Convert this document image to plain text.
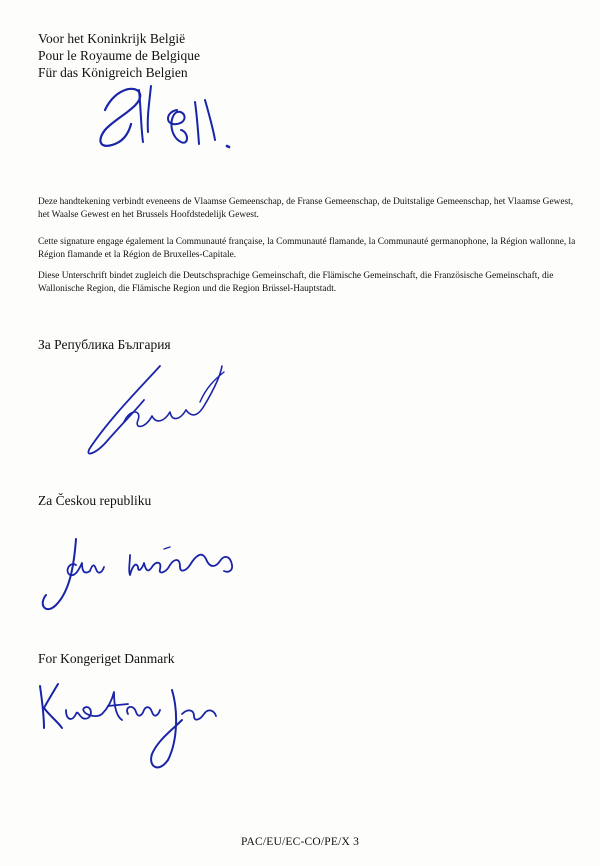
Voor het Koninkrijk België
Pour le Royaume de Belgique
Für das Königreich Belgien

Deze handtekening verbindt eveneens de Vlaamse Gemeenschap, de Franse Gemeenschap, de Duitstalige Gemeenschap, het Vlaamse Gewest, het Waalse Gewest en het Brussels Hoofdstedelijk Gewest.

Cette signature engage également la Communauté française, la Communauté flamande, la Communauté germanophone, la Région wallonne, la Région flamande et la Région de Bruxelles-Capitale.

Diese Unterschrift bindet zugleich die Deutschsprachige Gemeinschaft, die Flämische Gemeinschaft, die Französische Gemeinschaft, die Wallonische Region, die Flämische Region und die Region Brüssel-Hauptstadt.

За Република България
Za Českou republiku
For Kongeriget Danmark
PAC/EU/EC-CO/PE/X 3
